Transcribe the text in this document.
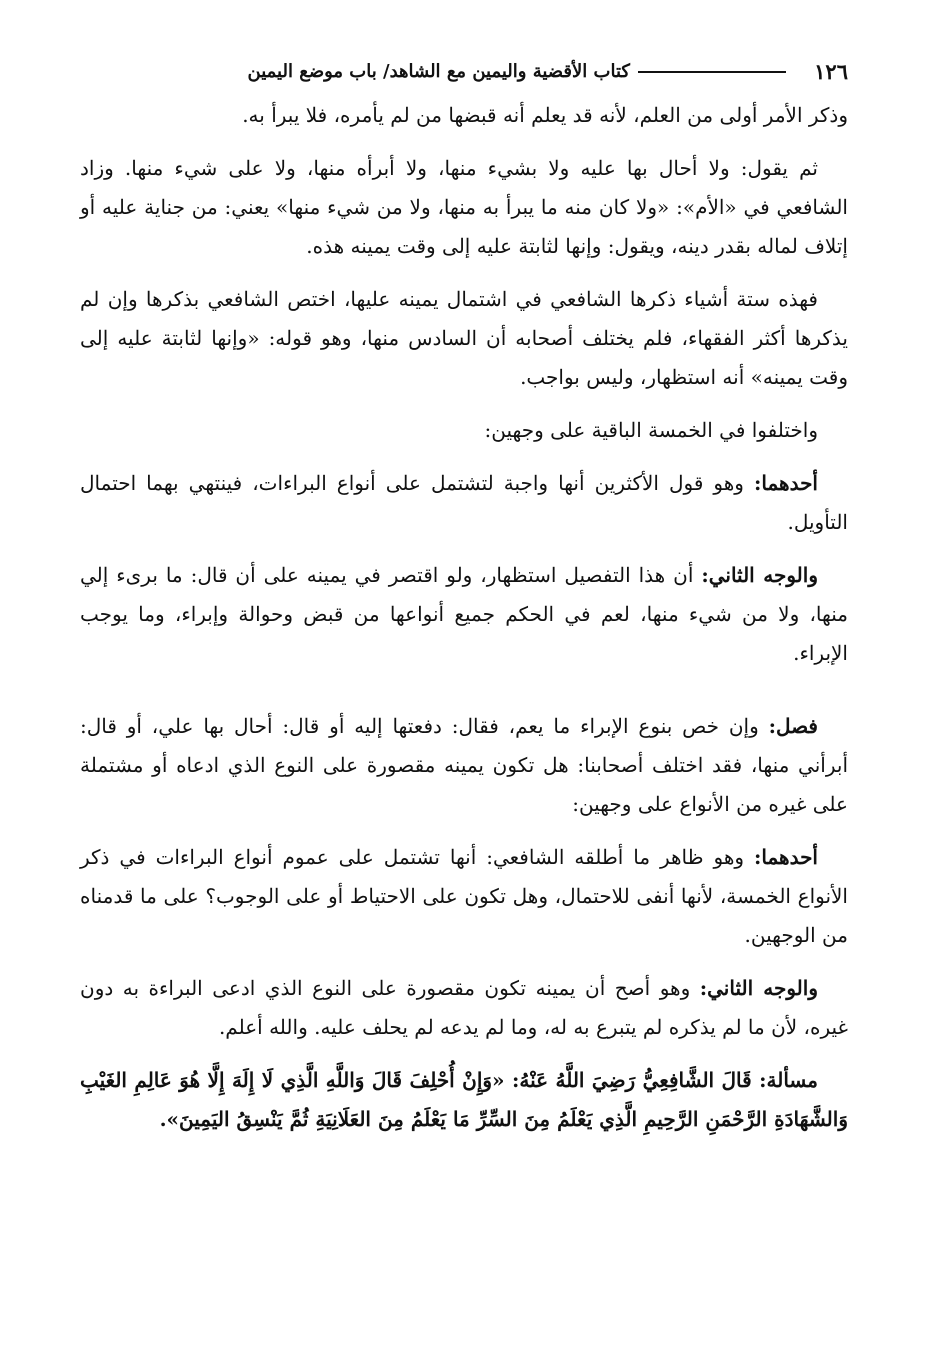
١٢٦
كتاب الأقضية واليمين مع الشاهد/ باب موضع اليمين

وذكر الأمر أولى من العلم، لأنه قد يعلم أنه قبضها من لم يأمره، فلا يبرأ به.

ثم يقول: ولا أحال بها عليه ولا بشيء منها، ولا أبرأه منها، ولا على شيء منها. وزاد الشافعي في «الأم»: «ولا كان منه ما يبرأ به منها، ولا من شيء منها» يعني: من جناية عليه أو إتلاف لماله بقدر دينه، ويقول: وإنها لثابتة عليه إلى وقت يمينه هذه.

فهذه ستة أشياء ذكرها الشافعي في اشتمال يمينه عليها، اختص الشافعي بذكرها وإن لم يذكرها أكثر الفقهاء، فلم يختلف أصحابه أن السادس منها، وهو قوله: «وإنها لثابتة عليه إلى وقت يمينه» أنه استظهار، وليس بواجب.

واختلفوا في الخمسة الباقية على وجهين:

أحدهما: وهو قول الأكثرين أنها واجبة لتشتمل على أنواع البراءات، فينتهي بهما احتمال التأويل.

والوجه الثاني: أن هذا التفصيل استظهار، ولو اقتصر في يمينه على أن قال: ما برىء إلي منها، ولا من شيء منها، لعم في الحكم جميع أنواعها من قبض وحوالة وإبراء، وما يوجب الإبراء.

فصل: وإن خص بنوع الإبراء ما يعم، فقال: دفعتها إليه أو قال: أحال بها علي، أو قال: أبرأني منها، فقد اختلف أصحابنا: هل تكون يمينه مقصورة على النوع الذي ادعاه أو مشتملة على غيره من الأنواع على وجهين:

أحدهما: وهو ظاهر ما أطلقه الشافعي: أنها تشتمل على عموم أنواع البراءات في ذكر الأنواع الخمسة، لأنها أنفى للاحتمال، وهل تكون على الاحتياط أو على الوجوب؟ على ما قدمناه من الوجهين.

والوجه الثاني: وهو أصح أن يمينه تكون مقصورة على النوع الذي ادعى البراءة به دون غيره، لأن ما لم يذكره لم يتبرع به له، وما لم يدعه لم يحلف عليه. والله أعلم.

مسألة: قَالَ الشَّافِعِيُّ رَضِيَ اللَّهُ عَنْهُ: «وَإِنْ أُحْلِفَ قَالَ وَاللَّهِ الَّذِي لَا إِلَهَ إِلَّا هُوَ عَالِمِ الغَيْبِ وَالشَّهَادَةِ الرَّحْمَنِ الرَّحِيمِ الَّذِي يَعْلَمُ مِنَ السِّرِّ مَا يَعْلَمُ مِنَ العَلَانِيَةِ ثُمَّ يَنْسِقُ اليَمِينَ».
